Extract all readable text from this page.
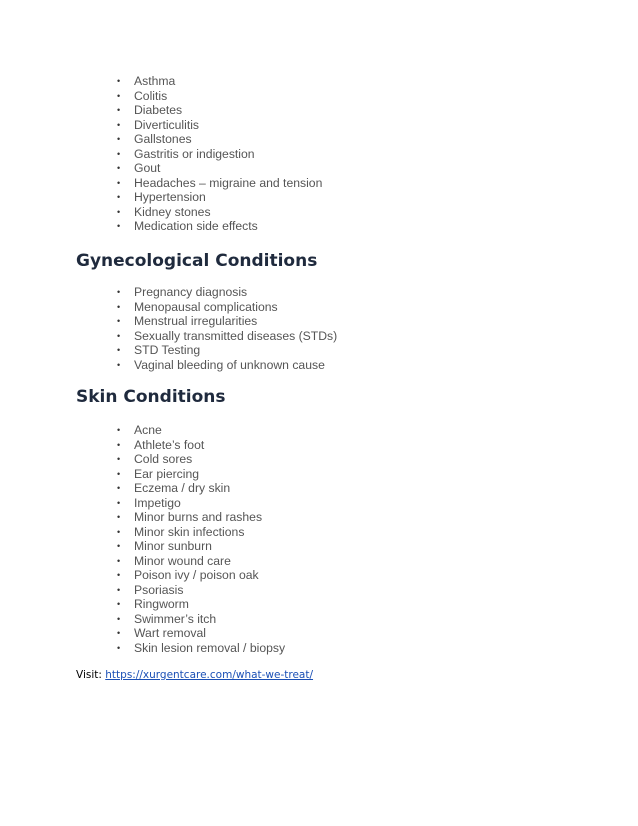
• Asthma
• Colitis
• Diabetes
• Diverticulitis
• Gallstones
• Gastritis or indigestion
• Gout
• Headaches – migraine and tension
• Hypertension
• Kidney stones
• Medication side effects
Gynecological Conditions
• Pregnancy diagnosis
• Menopausal complications
• Menstrual irregularities
• Sexually transmitted diseases (STDs)
• STD Testing
• Vaginal bleeding of unknown cause
Skin Conditions
• Acne
• Athlete’s foot
• Cold sores
• Ear piercing
• Eczema / dry skin
• Impetigo
• Minor burns and rashes
• Minor skin infections
• Minor sunburn
• Minor wound care
• Poison ivy / poison oak
• Psoriasis
• Ringworm
• Swimmer’s itch
• Wart removal
• Skin lesion removal / biopsy
Visit: https://xurgentcare.com/what-we-treat/
